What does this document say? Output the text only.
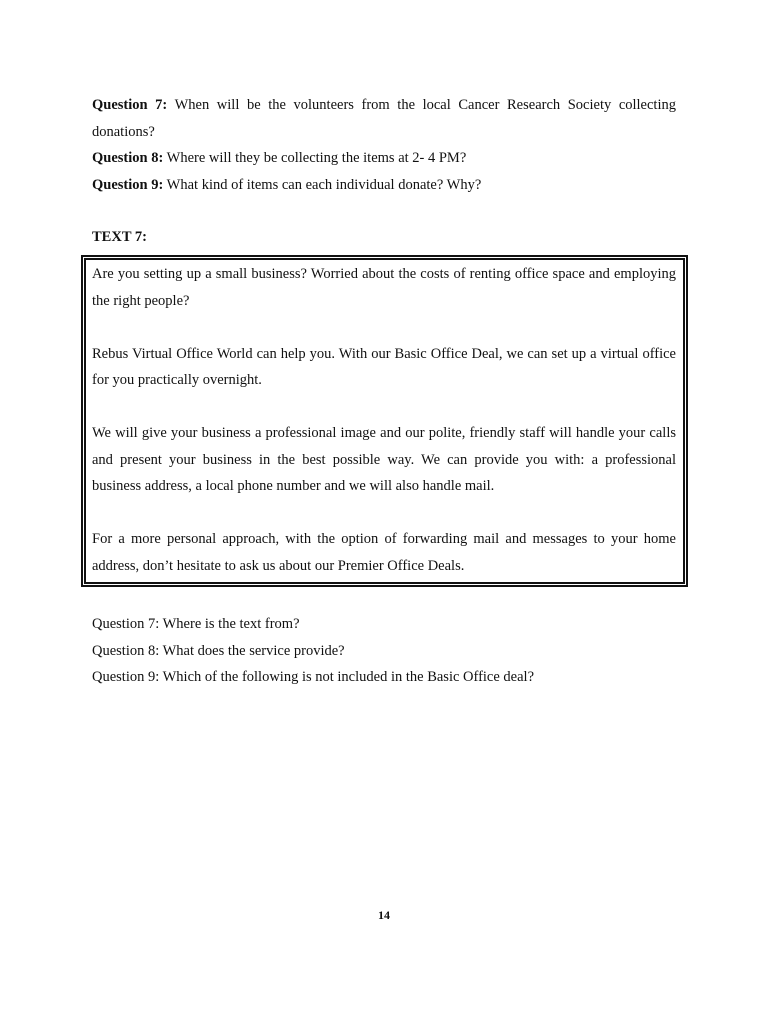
Question 7: When will be the volunteers from the local Cancer Research Society collecting donations?

Question 8: Where will they be collecting the items at 2- 4 PM?

Question 9: What kind of items can each individual donate? Why?

TEXT 7:

Are you setting up a small business? Worried about the costs of renting office space and employing the right people?

Rebus Virtual Office World can help you. With our Basic Office Deal, we can set up a virtual office for you practically overnight.

We will give your business a professional image and our polite, friendly staff will handle your calls and present your business in the best possible way. We can provide you with: a professional business address, a local phone number and we will also handle mail.

For a more personal approach, with the option of forwarding mail and messages to your home address, don’t hesitate to ask us about our Premier Office Deals.

Question 7: Where is the text from?

Question 8: What does the service provide?

Question 9: Which of the following is not included in the Basic Office deal?

14
